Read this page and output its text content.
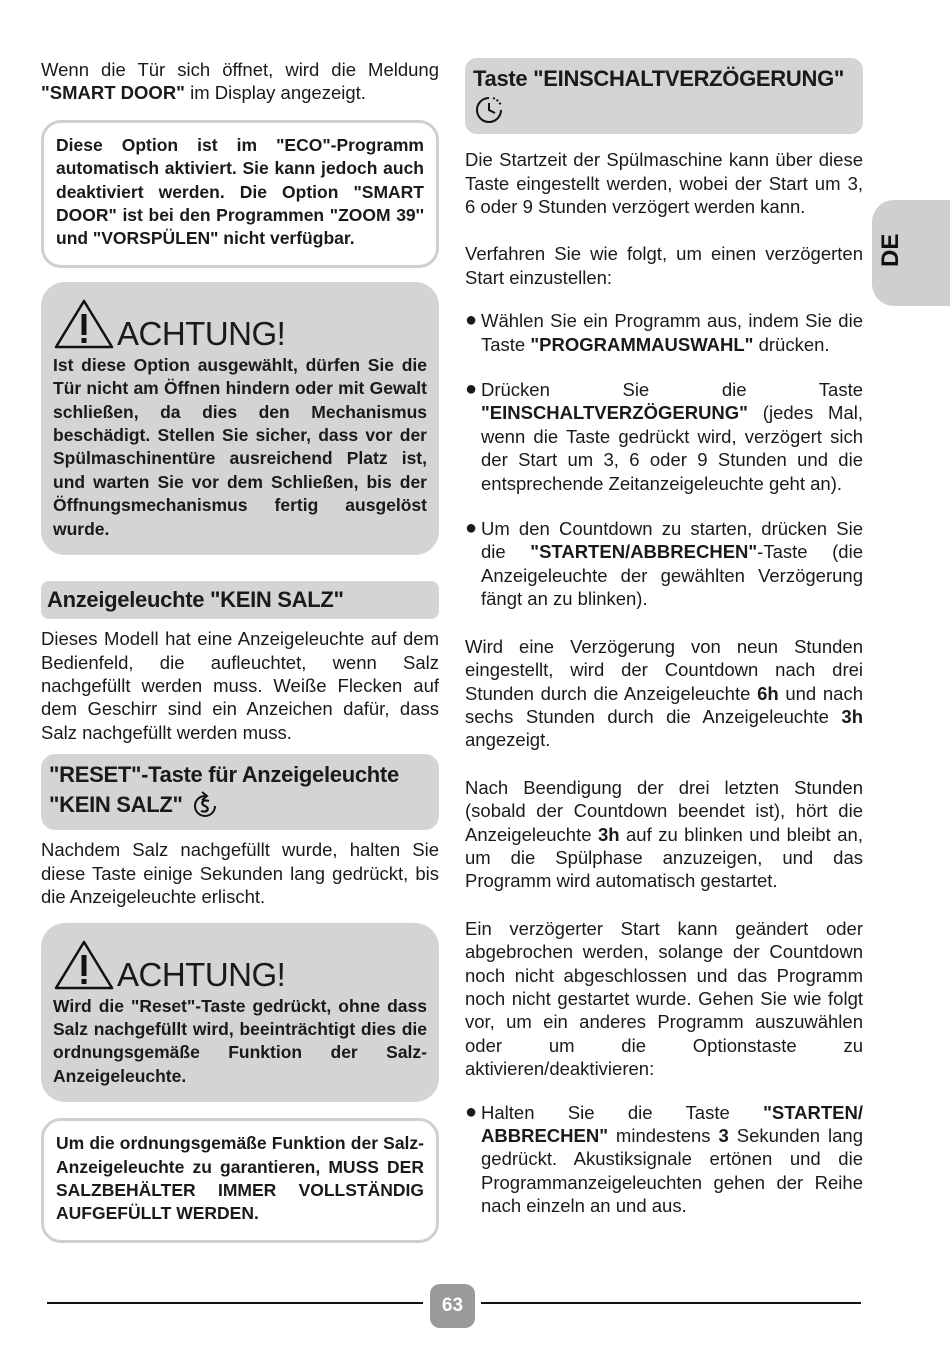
DE

Wenn die Tür sich öffnet, wird die Meldung "SMART DOOR" im Display angezeigt.

Diese Option ist im "ECO"-Programm automatisch aktiviert. Sie kann jedoch auch deaktiviert werden. Die Option "SMART DOOR" ist bei den Programmen "ZOOM 39'' und "VORSPÜLEN" nicht verfügbar.

ACHTUNG!

Ist diese Option ausgewählt, dürfen Sie die Tür nicht am Öffnen hindern oder mit Gewalt schließen, da dies den Mechanismus beschädigt. Stellen Sie sicher, dass vor der Spülmaschinentüre ausreichend Platz ist, und warten Sie vor dem Schließen, bis der Öffnungsmechanismus fertig ausgelöst wurde.

Anzeigeleuchte "KEIN SALZ"

Dieses Modell hat eine Anzeigeleuchte auf dem Bedienfeld, die aufleuchtet, wenn Salz nachgefüllt werden muss. Weiße Flecken auf dem Geschirr sind ein Anzeichen dafür, dass Salz nachgefüllt werden muss.

"RESET"-Taste für Anzeigeleuchte
"KEIN SALZ"

Nachdem Salz nachgefüllt wurde, halten Sie diese Taste einige Sekunden lang gedrückt, bis die Anzeigeleuchte erlischt.

ACHTUNG!

Wird die "Reset"-Taste gedrückt, ohne dass Salz nachgefüllt wird, beeinträchtigt dies die ordnungsgemäße Funktion der Salz-Anzeigeleuchte.

Um die ordnungsgemäße Funktion der Salz-Anzeigeleuchte zu garantieren, MUSS DER SALZBEHÄLTER IMMER VOLLSTÄNDIG AUFGEFÜLLT WERDEN.

Taste "EINSCHALTVERZÖGERUNG"

Die Startzeit der Spülmaschine kann über diese Taste eingestellt werden, wobei der Start um 3, 6 oder 9 Stunden verzögert werden kann.

Verfahren Sie wie folgt, um einen verzögerten Start einzustellen:

● Wählen Sie ein Programm aus, indem Sie die Taste "PROGRAMMAUSWAHL" drücken.

● Drücken Sie die Taste "EINSCHALTVERZÖGERUNG" (jedes Mal, wenn die Taste gedrückt wird, verzögert sich der Start um 3, 6 oder 9 Stunden und die entsprechende Zeitanzeigeleuchte geht an).

● Um den Countdown zu starten, drücken Sie die "STARTEN/ABBRECHEN"-Taste (die Anzeigeleuchte der gewählten Verzögerung fängt an zu blinken).

Wird eine Verzögerung von neun Stunden eingestellt, wird der Countdown nach drei Stunden durch die Anzeigeleuchte 6h und nach sechs Stunden durch die Anzeigeleuchte 3h angezeigt.

Nach Beendigung der drei letzten Stunden (sobald der Countdown beendet ist), hört die Anzeigeleuchte 3h auf zu blinken und bleibt an, um die Spülphase anzuzeigen, und das Programm wird automatisch gestartet.

Ein verzögerter Start kann geändert oder abgebrochen werden, solange der Countdown noch nicht abgeschlossen und das Programm noch nicht gestartet wurde. Gehen Sie wie folgt vor, um ein anderes Programm auszuwählen oder um die Optionstaste zu aktivieren/deaktivieren:

● Halten Sie die Taste "STARTEN/ ABBRECHEN" mindestens 3 Sekunden lang gedrückt. Akustiksignale ertönen und die Programmanzeigeleuchten gehen der Reihe nach einzeln an und aus.

63
